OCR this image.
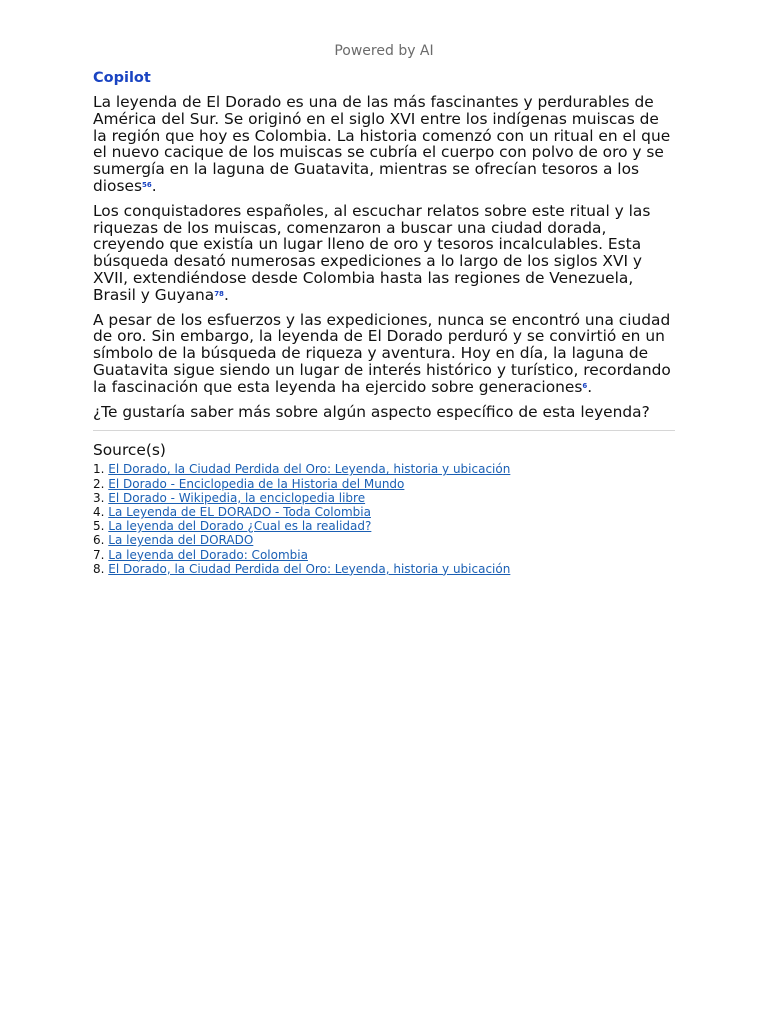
Powered by AI
Copilot

La leyenda de El Dorado es una de las más fascinantes y perdurables de América del Sur. Se originó en el siglo XVI entre los indígenas muiscas de la región que hoy es Colombia. La historia comenzó con un ritual en el que el nuevo cacique de los muiscas se cubría el cuerpo con polvo de oro y se sumergía en la laguna de Guatavita, mientras se ofrecían tesoros a los dioses$^{56}$.

Los conquistadores españoles, al escuchar relatos sobre este ritual y las riquezas de los muiscas, comenzaron a buscar una ciudad dorada, creyendo que existía un lugar lleno de oro y tesoros incalculables. Esta búsqueda desató numerosas expediciones a lo largo de los siglos XVI y XVII, extendiéndose desde Colombia hasta las regiones de Venezuela, Brasil y Guyana$^{78}$.

A pesar de los esfuerzos y las expediciones, nunca se encontró una ciudad de oro. Sin embargo, la leyenda de El Dorado perduró y se convirtió en un símbolo de la búsqueda de riqueza y aventura. Hoy en día, la laguna de Guatavita sigue siendo un lugar de interés histórico y turístico, recordando la fascinación que esta leyenda ha ejercido sobre generaciones$^6$.

¿Te gustaría saber más sobre algún aspecto específico de esta leyenda?

Source(s)
1. El Dorado, la Ciudad Perdida del Oro: Leyenda, historia y ubicación
2. El Dorado - Enciclopedia de la Historia del Mundo
3. El Dorado - Wikipedia, la enciclopedia libre
4. La Leyenda de EL DORADO - Toda Colombia
5. La leyenda del Dorado ¿Cual es la realidad?
6. La leyenda del DORADO
7. La leyenda del Dorado: Colombia
8. El Dorado, la Ciudad Perdida del Oro: Leyenda, historia y ubicación
